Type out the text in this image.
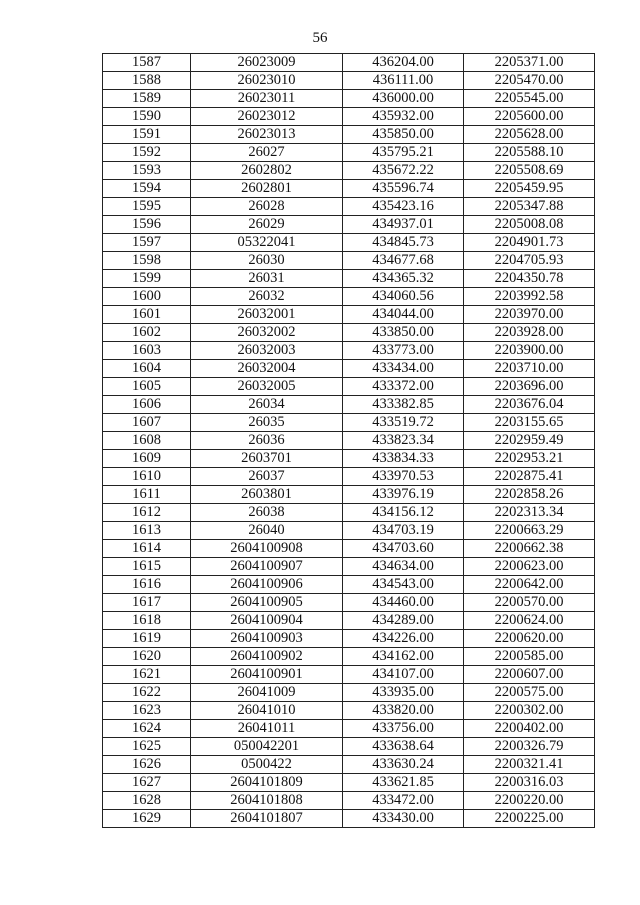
56
1587	26023009	436204.00	2205371.00
1588	26023010	436111.00	2205470.00
1589	26023011	436000.00	2205545.00
1590	26023012	435932.00	2205600.00
1591	26023013	435850.00	2205628.00
1592	26027	435795.21	2205588.10
1593	2602802	435672.22	2205508.69
1594	2602801	435596.74	2205459.95
1595	26028	435423.16	2205347.88
1596	26029	434937.01	2205008.08
1597	05322041	434845.73	2204901.73
1598	26030	434677.68	2204705.93
1599	26031	434365.32	2204350.78
1600	26032	434060.56	2203992.58
1601	26032001	434044.00	2203970.00
1602	26032002	433850.00	2203928.00
1603	26032003	433773.00	2203900.00
1604	26032004	433434.00	2203710.00
1605	26032005	433372.00	2203696.00
1606	26034	433382.85	2203676.04
1607	26035	433519.72	2203155.65
1608	26036	433823.34	2202959.49
1609	2603701	433834.33	2202953.21
1610	26037	433970.53	2202875.41
1611	2603801	433976.19	2202858.26
1612	26038	434156.12	2202313.34
1613	26040	434703.19	2200663.29
1614	2604100908	434703.60	2200662.38
1615	2604100907	434634.00	2200623.00
1616	2604100906	434543.00	2200642.00
1617	2604100905	434460.00	2200570.00
1618	2604100904	434289.00	2200624.00
1619	2604100903	434226.00	2200620.00
1620	2604100902	434162.00	2200585.00
1621	2604100901	434107.00	2200607.00
1622	26041009	433935.00	2200575.00
1623	26041010	433820.00	2200302.00
1624	26041011	433756.00	2200402.00
1625	050042201	433638.64	2200326.79
1626	0500422	433630.24	2200321.41
1627	2604101809	433621.85	2200316.03
1628	2604101808	433472.00	2200220.00
1629	2604101807	433430.00	2200225.00
